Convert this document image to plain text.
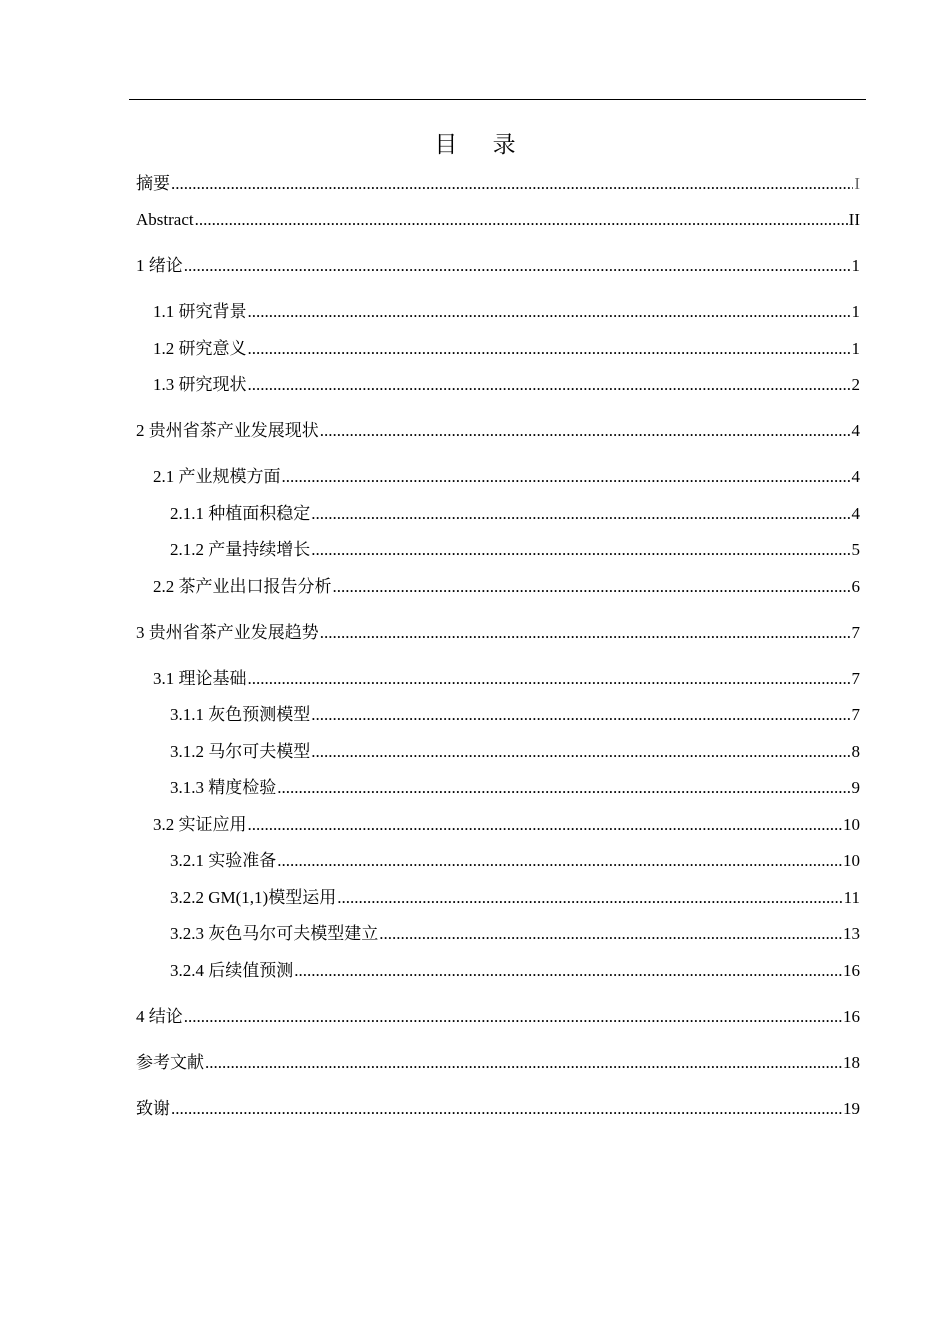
目 录
摘要 .....	I
Abstract .....	II
1 绪论 .....	1
1.1 研究背景 .....	1
1.2 研究意义 .....	1
1.3 研究现状 .....	2
2 贵州省茶产业发展现状 .....	4
2.1 产业规模方面 .....	4
2.1.1 种植面积稳定 .....	4
2.1.2 产量持续增长 .....	5
2.2 茶产业出口报告分析 .....	6
3 贵州省茶产业发展趋势 .....	7
3.1 理论基础 .....	7
3.1.1 灰色预测模型 .....	7
3.1.2 马尔可夫模型 .....	8
3.1.3 精度检验 .....	9
3.2 实证应用 .....	10
3.2.1 实验准备 .....	10
3.2.2 GM(1,1)模型运用 .....	11
3.2.3 灰色马尔可夫模型建立 .....	13
3.2.4 后续值预测 .....	16
4 结论 .....	16
参考文献 .....	18
致谢 .....	19
